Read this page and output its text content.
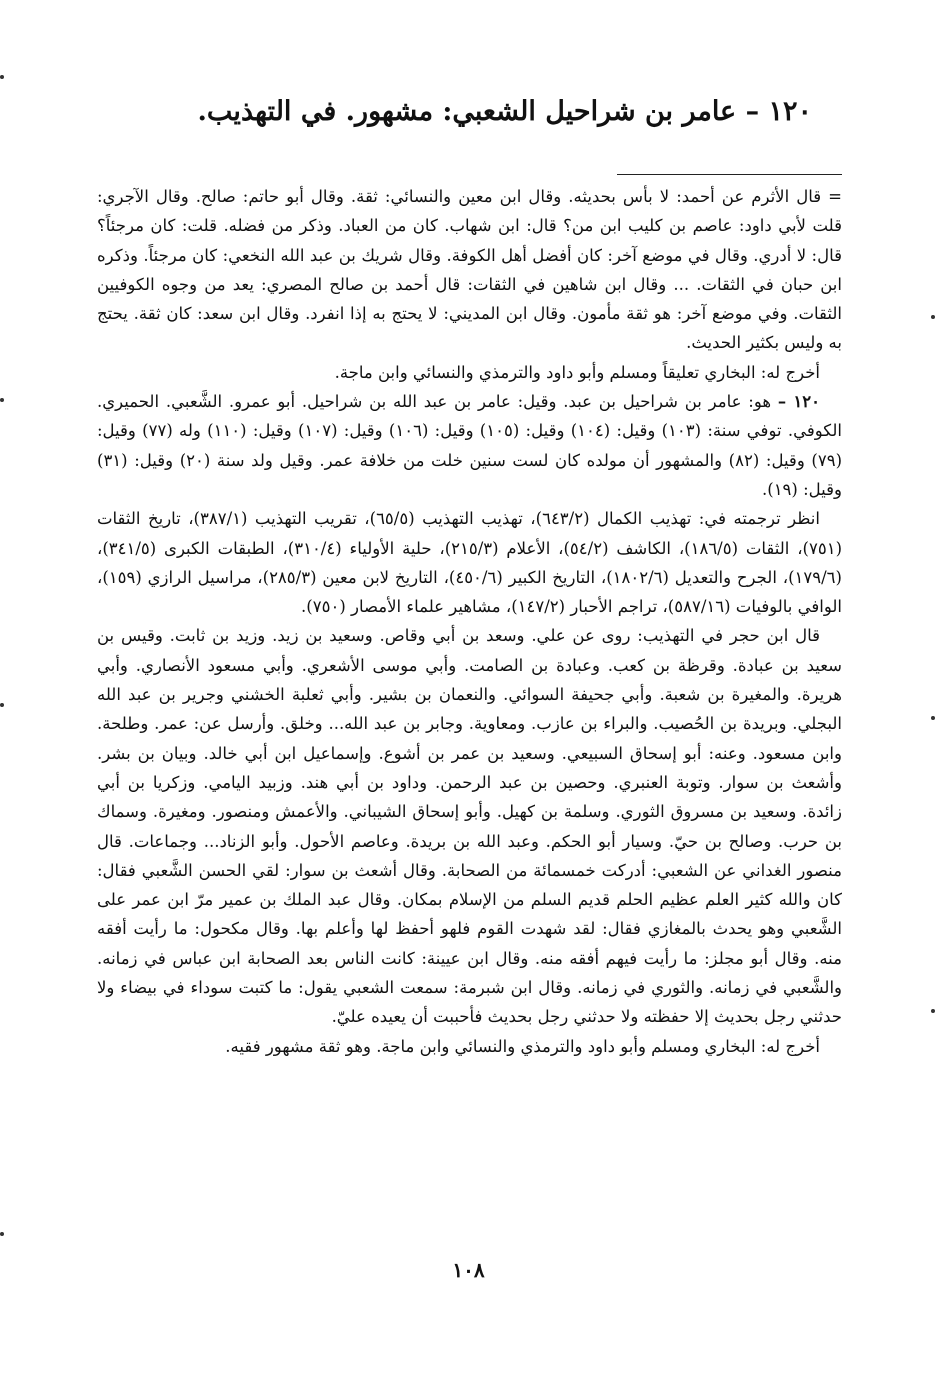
١٢٠ – عامر بن شراحيل الشعبي: مشهور. في التهذيب.

= قال الأثرم عن أحمد: لا بأس بحديثه. وقال ابن معين والنسائي: ثقة. وقال أبو حاتم: صالح. وقال الآجري: قلت لأبي داود: عاصم بن كليب ابن من؟ قال: ابن شهاب. كان من العباد. وذكر من فضله. قلت: كان مرجئاً؟ قال: لا أدري. وقال في موضع آخر: كان أفضل أهل الكوفة. وقال شريك بن عبد الله النخعي: كان مرجئاً. وذكره ابن حبان في الثقات. ... وقال ابن شاهين في الثقات: قال أحمد بن صالح المصري: يعد من وجوه الكوفيين الثقات. وفي موضع آخر: هو ثقة مأمون. وقال ابن المديني: لا يحتج به إذا انفرد. وقال ابن سعد: كان ثقة. يحتج به وليس بكثير الحديث.

أخرج له: البخاري تعليقاً ومسلم وأبو داود والترمذي والنسائي وابن ماجة.

١٢٠ – هو: عامر بن شراحيل بن عبد. وقيل: عامر بن عبد الله بن شراحيل. أبو عمرو. الشَّعبي. الحميري. الكوفي. توفي سنة: (١٠٣) وقيل: (١٠٤) وقيل: (١٠٥) وقيل: (١٠٦) وقيل: (١٠٧) وقيل: (١١٠) وله (٧٧) وقيل: (٧٩) وقيل: (٨٢) والمشهور أن مولده كان لست سنين خلت من خلافة عمر. وقيل ولد سنة (٢٠) وقيل: (٣١) وقيل: (١٩).

انظر ترجمته في: تهذيب الكمال (٦٤٣/٢)، تهذيب التهذيب (٦٥/٥)، تقريب التهذيب (٣٨٧/١)، تاريخ الثقات (٧٥١)، الثقات (١٨٦/٥)، الكاشف (٥٤/٢)، الأعلام (٢١٥/٣)، حلية الأولياء (٣١٠/٤)، الطبقات الكبرى (٣٤١/٥)، (١٧٩/٦)، الجرح والتعديل (١٨٠٢/٦)، التاريخ الكبير (٤٥٠/٦)، التاريخ لابن معين (٢٨٥/٣)، مراسيل الرازي (١٥٩)، الوافي بالوفيات (٥٨٧/١٦)، تراجم الأحبار (١٤٧/٢)، مشاهير علماء الأمصار (٧٥٠).

قال ابن حجر في التهذيب: روى عن علي. وسعد بن أبي وقاص. وسعيد بن زيد. وزيد بن ثابت. وقيس بن سعيد بن عبادة. وقرظة بن كعب. وعبادة بن الصامت. وأبي موسى الأشعري. وأبي مسعود الأنصاري. وأبي هريرة. والمغيرة بن شعبة. وأبي جحيفة السوائي. والنعمان بن بشير. وأبي ثعلبة الخشني وجرير بن عبد الله البجلي. وبريدة بن الحُصيب. والبراء بن عازب. ومعاوية. وجابر بن عبد الله... وخلق. وأرسل عن: عمر. وطلحة. وابن مسعود. وعنه: أبو إسحاق السبيعي. وسعيد بن عمر بن أشوع. وإسماعيل ابن أبي خالد. وبيان بن بشر. وأشعث بن سوار. وتوبة العنبري. وحصين بن عبد الرحمن. وداود بن أبي هند. وزبيد اليامي. وزكريا بن أبي زائدة. وسعيد بن مسروق الثوري. وسلمة بن كهيل. وأبو إسحاق الشيباني. والأعمش ومنصور. ومغيرة. وسماك بن حرب. وصالح بن حيّ. وسيار أبو الحكم. وعبد الله بن بريدة. وعاصم الأحول. وأبو الزناد... وجماعات. قال منصور الغداني عن الشعبي: أدركت خمسمائة من الصحابة. وقال أشعث بن سوار: لقي الحسن الشَّعبي فقال: كان والله كثير العلم عظيم الحلم قديم السلم من الإسلام بمكان. وقال عبد الملك بن عمير مرّ ابن عمر على الشَّعبي وهو يحدث بالمغازي فقال: لقد شهدت القوم فلهو أحفظ لها وأعلم بها. وقال مكحول: ما رأيت أفقه منه. وقال أبو مجلز: ما رأيت فيهم أفقه منه. وقال ابن عيينة: كانت الناس بعد الصحابة ابن عباس في زمانه. والشَّعبي في زمانه. والثوري في زمانه. وقال ابن شبرمة: سمعت الشعبي يقول: ما كتبت سوداء في بيضاء ولا حدثني رجل بحديث إلا حفظته ولا حدثني رجل بحديث فأحببت أن يعيده عليّ.

أخرج له: البخاري ومسلم وأبو داود والترمذي والنسائي وابن ماجة. وهو ثقة مشهور فقيه.

١٠٨
